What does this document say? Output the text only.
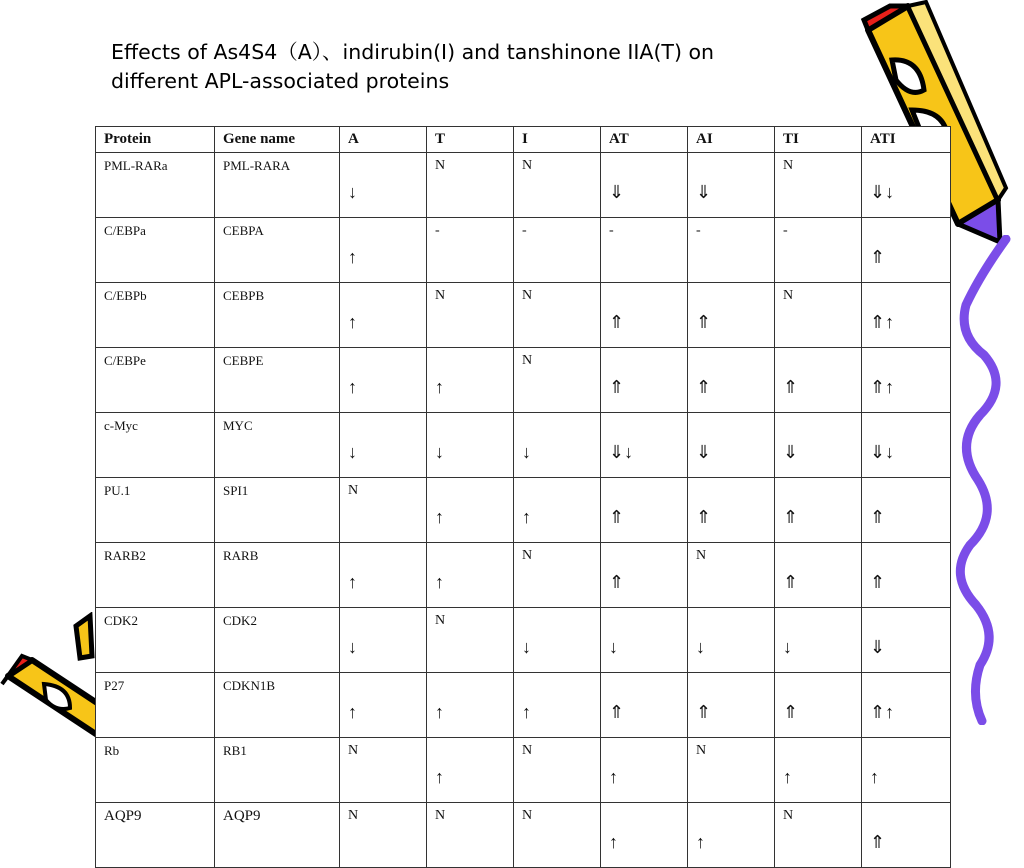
Effects of As4S4（A）、indirubin(I) and tanshinone IIA(T) on
different APL-associated proteins
Protein	Gene name	A	T	I	AT	AI	TI	ATI
PML-RARa	PML-RARA	↓	N	N	⇓	⇓	N	⇓↓
C/EBPa	CEBPA	↑	-	-	-	-	-	⇑
C/EBPb	CEBPB	↑	N	N	⇑	⇑	N	⇑↑
C/EBPe	CEBPE	↑	↑	N	⇑	⇑	⇑	⇑↑
c-Myc	MYC	↓	↓	↓	⇓↓	⇓	⇓	⇓↓
PU.1	SPI1	N	↑	↑	⇑	⇑	⇑	⇑
RARB2	RARB	↑	↑	N	⇑	N	⇑	⇑
CDK2	CDK2	↓	N	↓	↓	↓	↓	⇓
P27	CDKN1B	↑	↑	↑	⇑	⇑	⇑	⇑↑
Rb	RB1	N	↑	N	↑	N	↑	↑
AQP9	AQP9	N	N	N	↑	↑	N	⇑
